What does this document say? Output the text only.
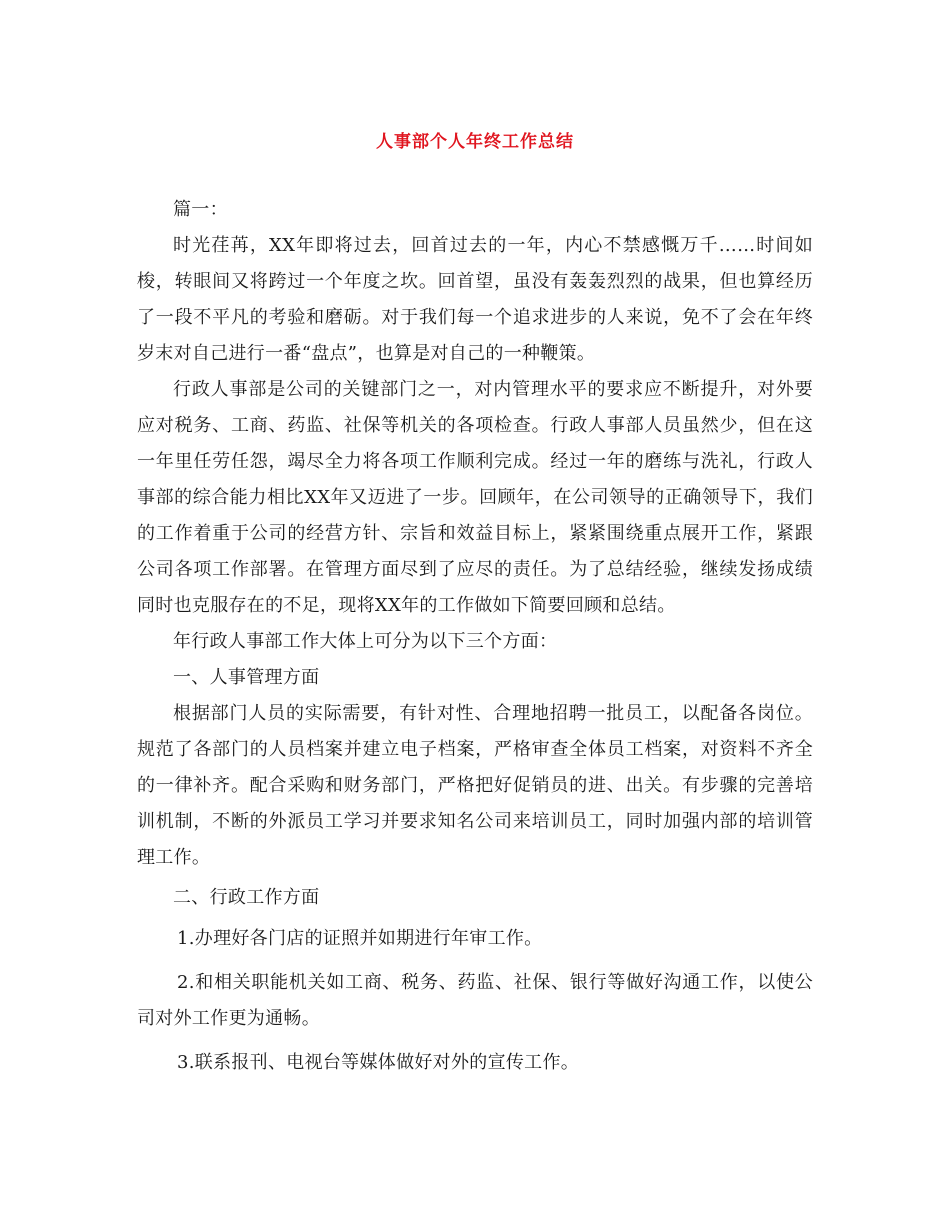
人事部个人年终工作总结

篇一：

时光荏苒，XX年即将过去，回首过去的一年，内心不禁感慨万千……时间如梭，转眼间又将跨过一个年度之坎。回首望，虽没有轰轰烈烈的战果，但也算经历了一段不平凡的考验和磨砺。对于我们每一个追求进步的人来说，免不了会在年终岁末对自己进行一番“盘点”，也算是对自己的一种鞭策。

行政人事部是公司的关键部门之一，对内管理水平的要求应不断提升，对外要应对税务、工商、药监、社保等机关的各项检查。行政人事部人员虽然少，但在这一年里任劳任怨，竭尽全力将各项工作顺利完成。经过一年的磨练与洗礼，行政人事部的综合能力相比XX年又迈进了一步。回顾年，在公司领导的正确领导下，我们的工作着重于公司的经营方针、宗旨和效益目标上，紧紧围绕重点展开工作，紧跟公司各项工作部署。在管理方面尽到了应尽的责任。为了总结经验，继续发扬成绩同时也克服存在的不足，现将XX年的工作做如下简要回顾和总结。

年行政人事部工作大体上可分为以下三个方面：

一、人事管理方面

根据部门人员的实际需要，有针对性、合理地招聘一批员工，以配备各岗位。规范了各部门的人员档案并建立电子档案，严格审查全体员工档案，对资料不齐全的一律补齐。配合采购和财务部门，严格把好促销员的进、出关。有步骤的完善培训机制，不断的外派员工学习并要求知名公司来培训员工，同时加强内部的培训管理工作。

二、行政工作方面

1.办理好各门店的证照并如期进行年审工作。

2.和相关职能机关如工商、税务、药监、社保、银行等做好沟通工作，以使公司对外工作更为通畅。

3.联系报刊、电视台等媒体做好对外的宣传工作。
